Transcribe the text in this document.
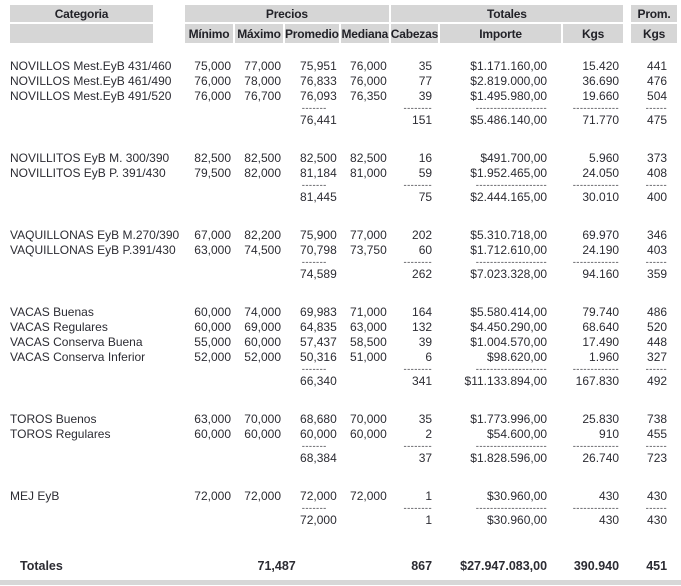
Categoria		Precios				Totales				Prom.
		Mínimo	Máximo	Promedio	Mediana	Cabezas	Importe	Kgs		Kgs

NOVILLOS Mest.EyB 431/460		75,000	77,000	75,951	76,000	35	$1.171.160,00	15.420		441
NOVILLOS Mest.EyB 461/490		76,000	78,000	76,833	76,000	77	$2.819.000,00	36.690		476
NOVILLOS Mest.EyB 491/520		76,000	76,700	76,093	76,350	39	$1.495.980,00	19.660		504
				-------		--------	--------------------	-------------		------
				76,441		151	$5.486.140,00	71.770		475

NOVILLITOS EyB M. 300/390		82,500	82,500	82,500	82,500	16	$491.700,00	5.960		373
NOVILLITOS EyB P. 391/430		79,500	82,000	81,184	81,000	59	$1.952.465,00	24.050		408
				-------		--------	--------------------	-------------		------
				81,445		75	$2.444.165,00	30.010		400

VAQUILLONAS EyB M.270/390		67,000	82,200	75,900	77,000	202	$5.310.718,00	69.970		346
VAQUILLONAS EyB P.391/430		63,000	74,500	70,798	73,750	60	$1.712.610,00	24.190		403
				-------		--------	--------------------	-------------		------
				74,589		262	$7.023.328,00	94.160		359

VACAS Buenas		60,000	74,000	69,983	71,000	164	$5.580.414,00	79.740		486
VACAS Regulares		60,000	69,000	64,835	63,000	132	$4.450.290,00	68.640		520
VACAS Conserva Buena		55,000	60,000	57,437	58,500	39	$1.004.570,00	17.490		448
VACAS Conserva Inferior		52,000	52,000	50,316	51,000	6	$98.620,00	1.960		327
				-------		--------	--------------------	-------------		------
				66,340		341	$11.133.894,00	167.830		492

TOROS Buenos		63,000	70,000	68,680	70,000	35	$1.773.996,00	25.830		738
TOROS Regulares		60,000	60,000	60,000	60,000	2	$54.600,00	910		455
				-------		--------	--------------------	-------------		------
				68,384		37	$1.828.596,00	26.740		723

MEJ EyB		72,000	72,000	72,000	72,000	1	$30.960,00	430		430
				-------		--------	--------------------	-------------		------
				72,000		1	$30.960,00	430		430

Totales		71,487				867	$27.947.083,00	390.940		451
